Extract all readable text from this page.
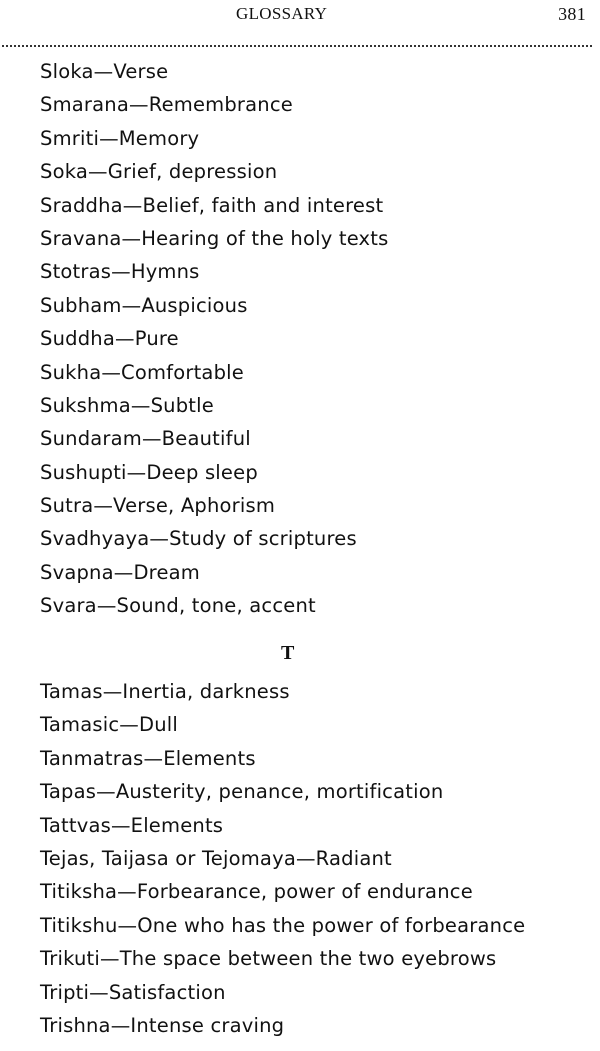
GLOSSARY	381
Sloka—Verse
Smarana—Remembrance
Smriti—Memory
Soka—Grief, depression
Sraddha—Belief, faith and interest
Sravana—Hearing of the holy texts
Stotras—Hymns
Subham—Auspicious
Suddha—Pure
Sukha—Comfortable
Sukshma—Subtle
Sundaram—Beautiful
Sushupti—Deep sleep
Sutra—Verse, Aphorism
Svadhyaya—Study of scriptures
Svapna—Dream
Svara—Sound, tone, accent
T
Tamas—Inertia, darkness
Tamasic—Dull
Tanmatras—Elements
Tapas—Austerity, penance, mortification
Tattvas—Elements
Tejas, Taijasa or Tejomaya—Radiant
Titiksha—Forbearance, power of endurance
Titikshu—One who has the power of forbearance
Trikuti—The space between the two eyebrows
Tripti—Satisfaction
Trishna—Intense craving
